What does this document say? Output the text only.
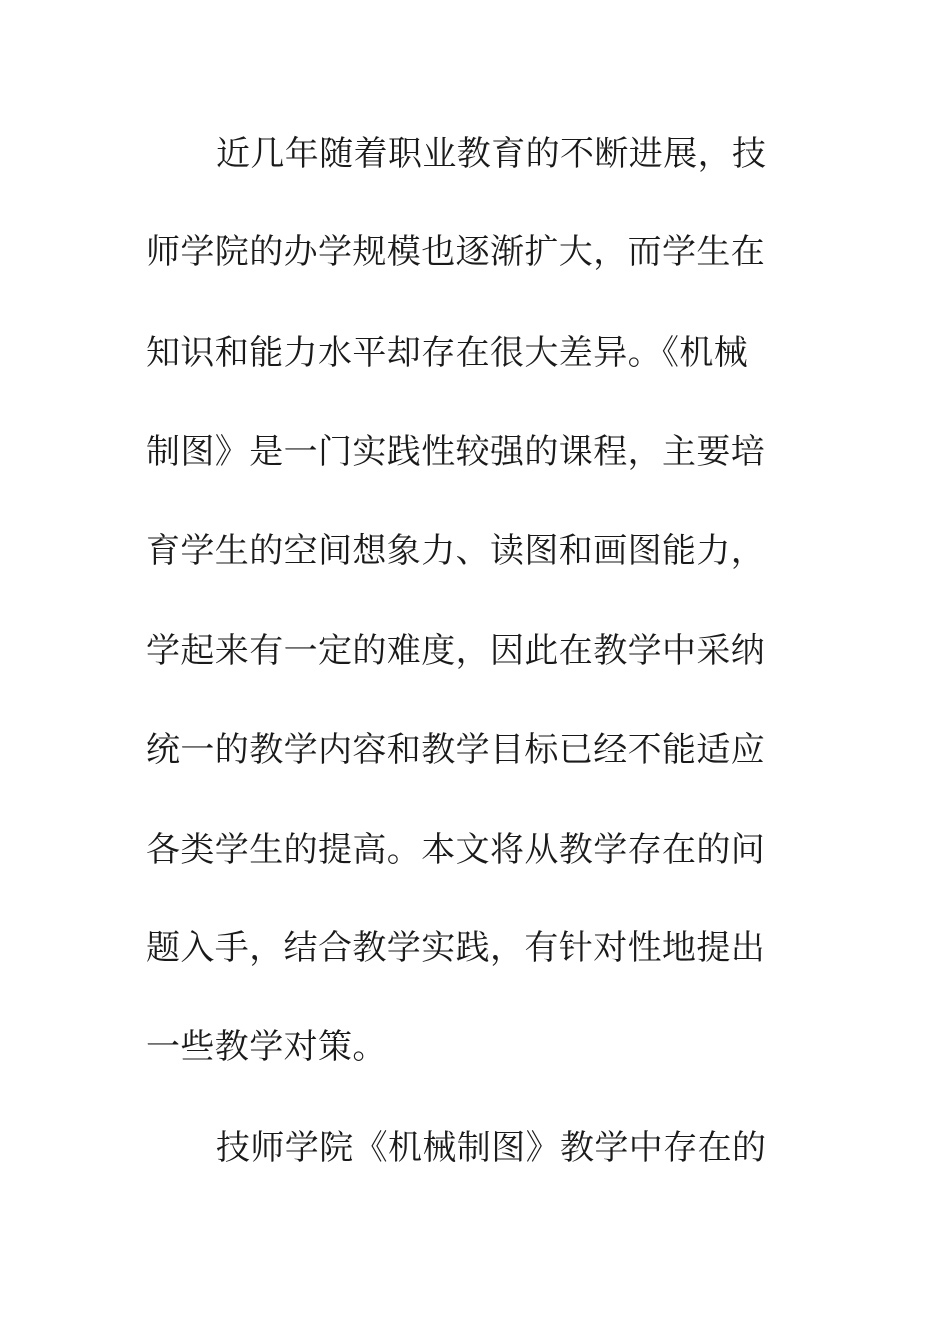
近几年随着职业教育的不断进展，技
师学院的办学规模也逐渐扩大，而学生在
知识和能力水平却存在很大差异。《机械
制图》是一门实践性较强的课程，主要培
育学生的空间想象力、读图和画图能力，
学起来有一定的难度，因此在教学中采纳
统一的教学内容和教学目标已经不能适应
各类学生的提高。本文将从教学存在的问
题入手，结合教学实践，有针对性地提出
一些教学对策。
技师学院《机械制图》教学中存在的
